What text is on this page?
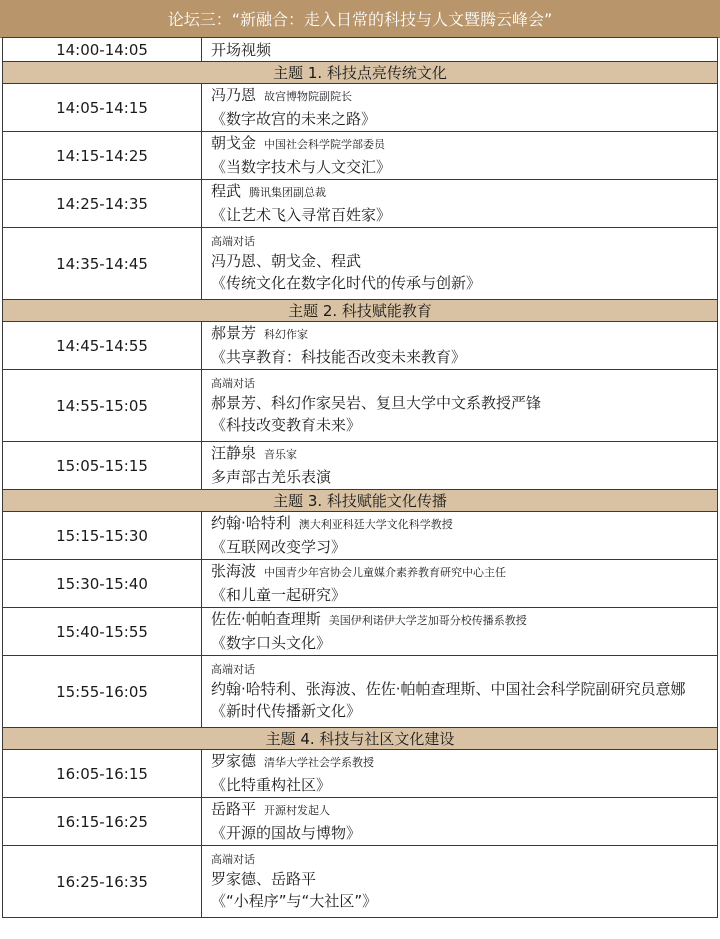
论坛三：“新融合：走入日常的科技与人文暨腾云峰会”
14:00-14:05	开场视频

主题 1. 科技点亮传统文化	
14:05-14:15	冯乃恩 故宫博物院副院长
《数字故宫的未来之路》

14:15-14:25	朝戈金 中国社会科学院学部委员
《当数字技术与人文交汇》

14:25-14:35	程武 腾讯集团副总裁
《让艺术飞入寻常百姓家》

14:35-14:45	高端对话
冯乃恩、朝戈金、程武
《传统文化在数字化时代的传承与创新》

主题 2. 科技赋能教育	
14:45-14:55	郝景芳 科幻作家
《共享教育：科技能否改变未来教育》

14:55-15:05	高端对话
郝景芳、科幻作家吴岩、复旦大学中文系教授严锋
《科技改变教育未来》

15:05-15:15	汪静泉 音乐家
多声部古羌乐表演

主题 3. 科技赋能文化传播	
15:15-15:30	约翰·哈特利 澳大利亚科廷大学文化科学教授
《互联网改变学习》

15:30-15:40	张海波 中国青少年宫协会儿童媒介素养教育研究中心主任
《和儿童一起研究》

15:40-15:55	佐佐·帕帕查理斯 美国伊利诺伊大学芝加哥分校传播系教授
《数字口头文化》

15:55-16:05	高端对话
约翰·哈特利、张海波、佐佐·帕帕查理斯、中国社会科学院副研究员意娜
《新时代传播新文化》

主题 4. 科技与社区文化建设	
16:05-16:15	罗家德 清华大学社会学系教授
《比特重构社区》

16:15-16:25	岳路平 开源村发起人
《开源的国故与博物》

16:25-16:35	高端对话
罗家德、岳路平
《“小程序”与“大社区”》
